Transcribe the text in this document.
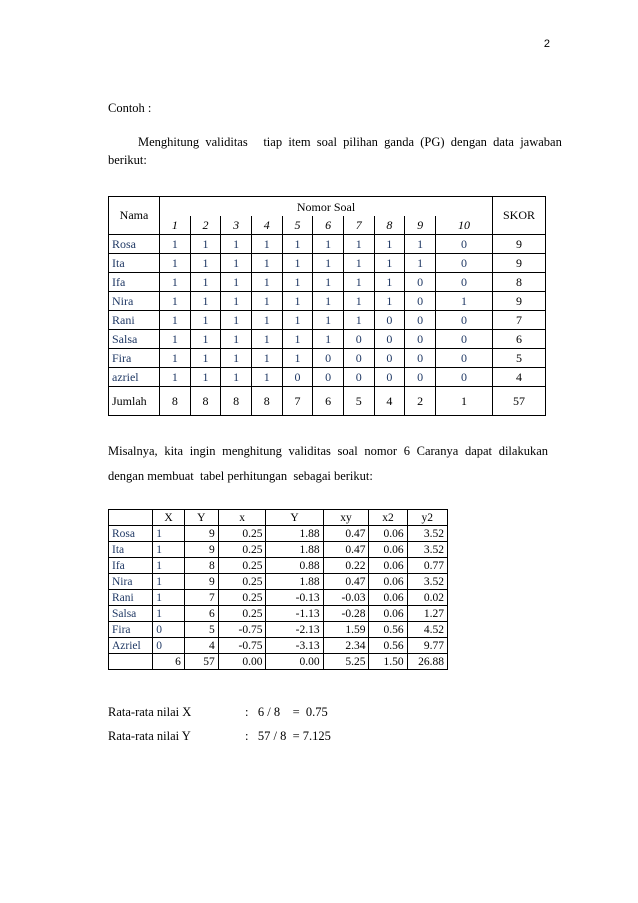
2
Contoh :
Menghitung  validitas     tiap  item  soal  pilihan  ganda  (PG)  dengan  data  jawaban
berikut:
Nama	Nomor Soal										SKOR
	1	2	3	4	5	6	7	8	9	10	
Rosa	1	1	1	1	1	1	1	1	1	0	9
Ita	1	1	1	1	1	1	1	1	1	0	9
Ifa	1	1	1	1	1	1	1	1	0	0	8
Nira	1	1	1	1	1	1	1	1	0	1	9
Rani	1	1	1	1	1	1	1	0	0	0	7
Salsa	1	1	1	1	1	1	0	0	0	0	6
Fira	1	1	1	1	1	0	0	0	0	0	5
azriel	1	1	1	1	0	0	0	0	0	0	4
Jumlah	8	8	8	8	7	6	5	4	2	1	57
Misalnya,  kita  ingin  menghitung  validitas  soal  nomor  6  Caranya  dapat  dilakukan
dengan membuat  tabel perhitungan  sebagai berikut:
	X	Y	x	Y	xy	x2	y2
Rosa	1	9	0.25	1.88	0.47	0.06	3.52
Ita	1	9	0.25	1.88	0.47	0.06	3.52
Ifa	1	8	0.25	0.88	0.22	0.06	0.77
Nira	1	9	0.25	1.88	0.47	0.06	3.52
Rani	1	7	0.25	-0.13	-0.03	0.06	0.02
Salsa	1	6	0.25	-1.13	-0.28	0.06	1.27
Fira	0	5	-0.75	-2.13	1.59	0.56	4.52
Azriel	0	4	-0.75	-3.13	2.34	0.56	9.77
	6	57	0.00	0.00	5.25	1.50	26.88
Rata-rata nilai X	:   6 / 8    =  0.75
Rata-rata nilai Y	:   57 / 8  = 7.125
